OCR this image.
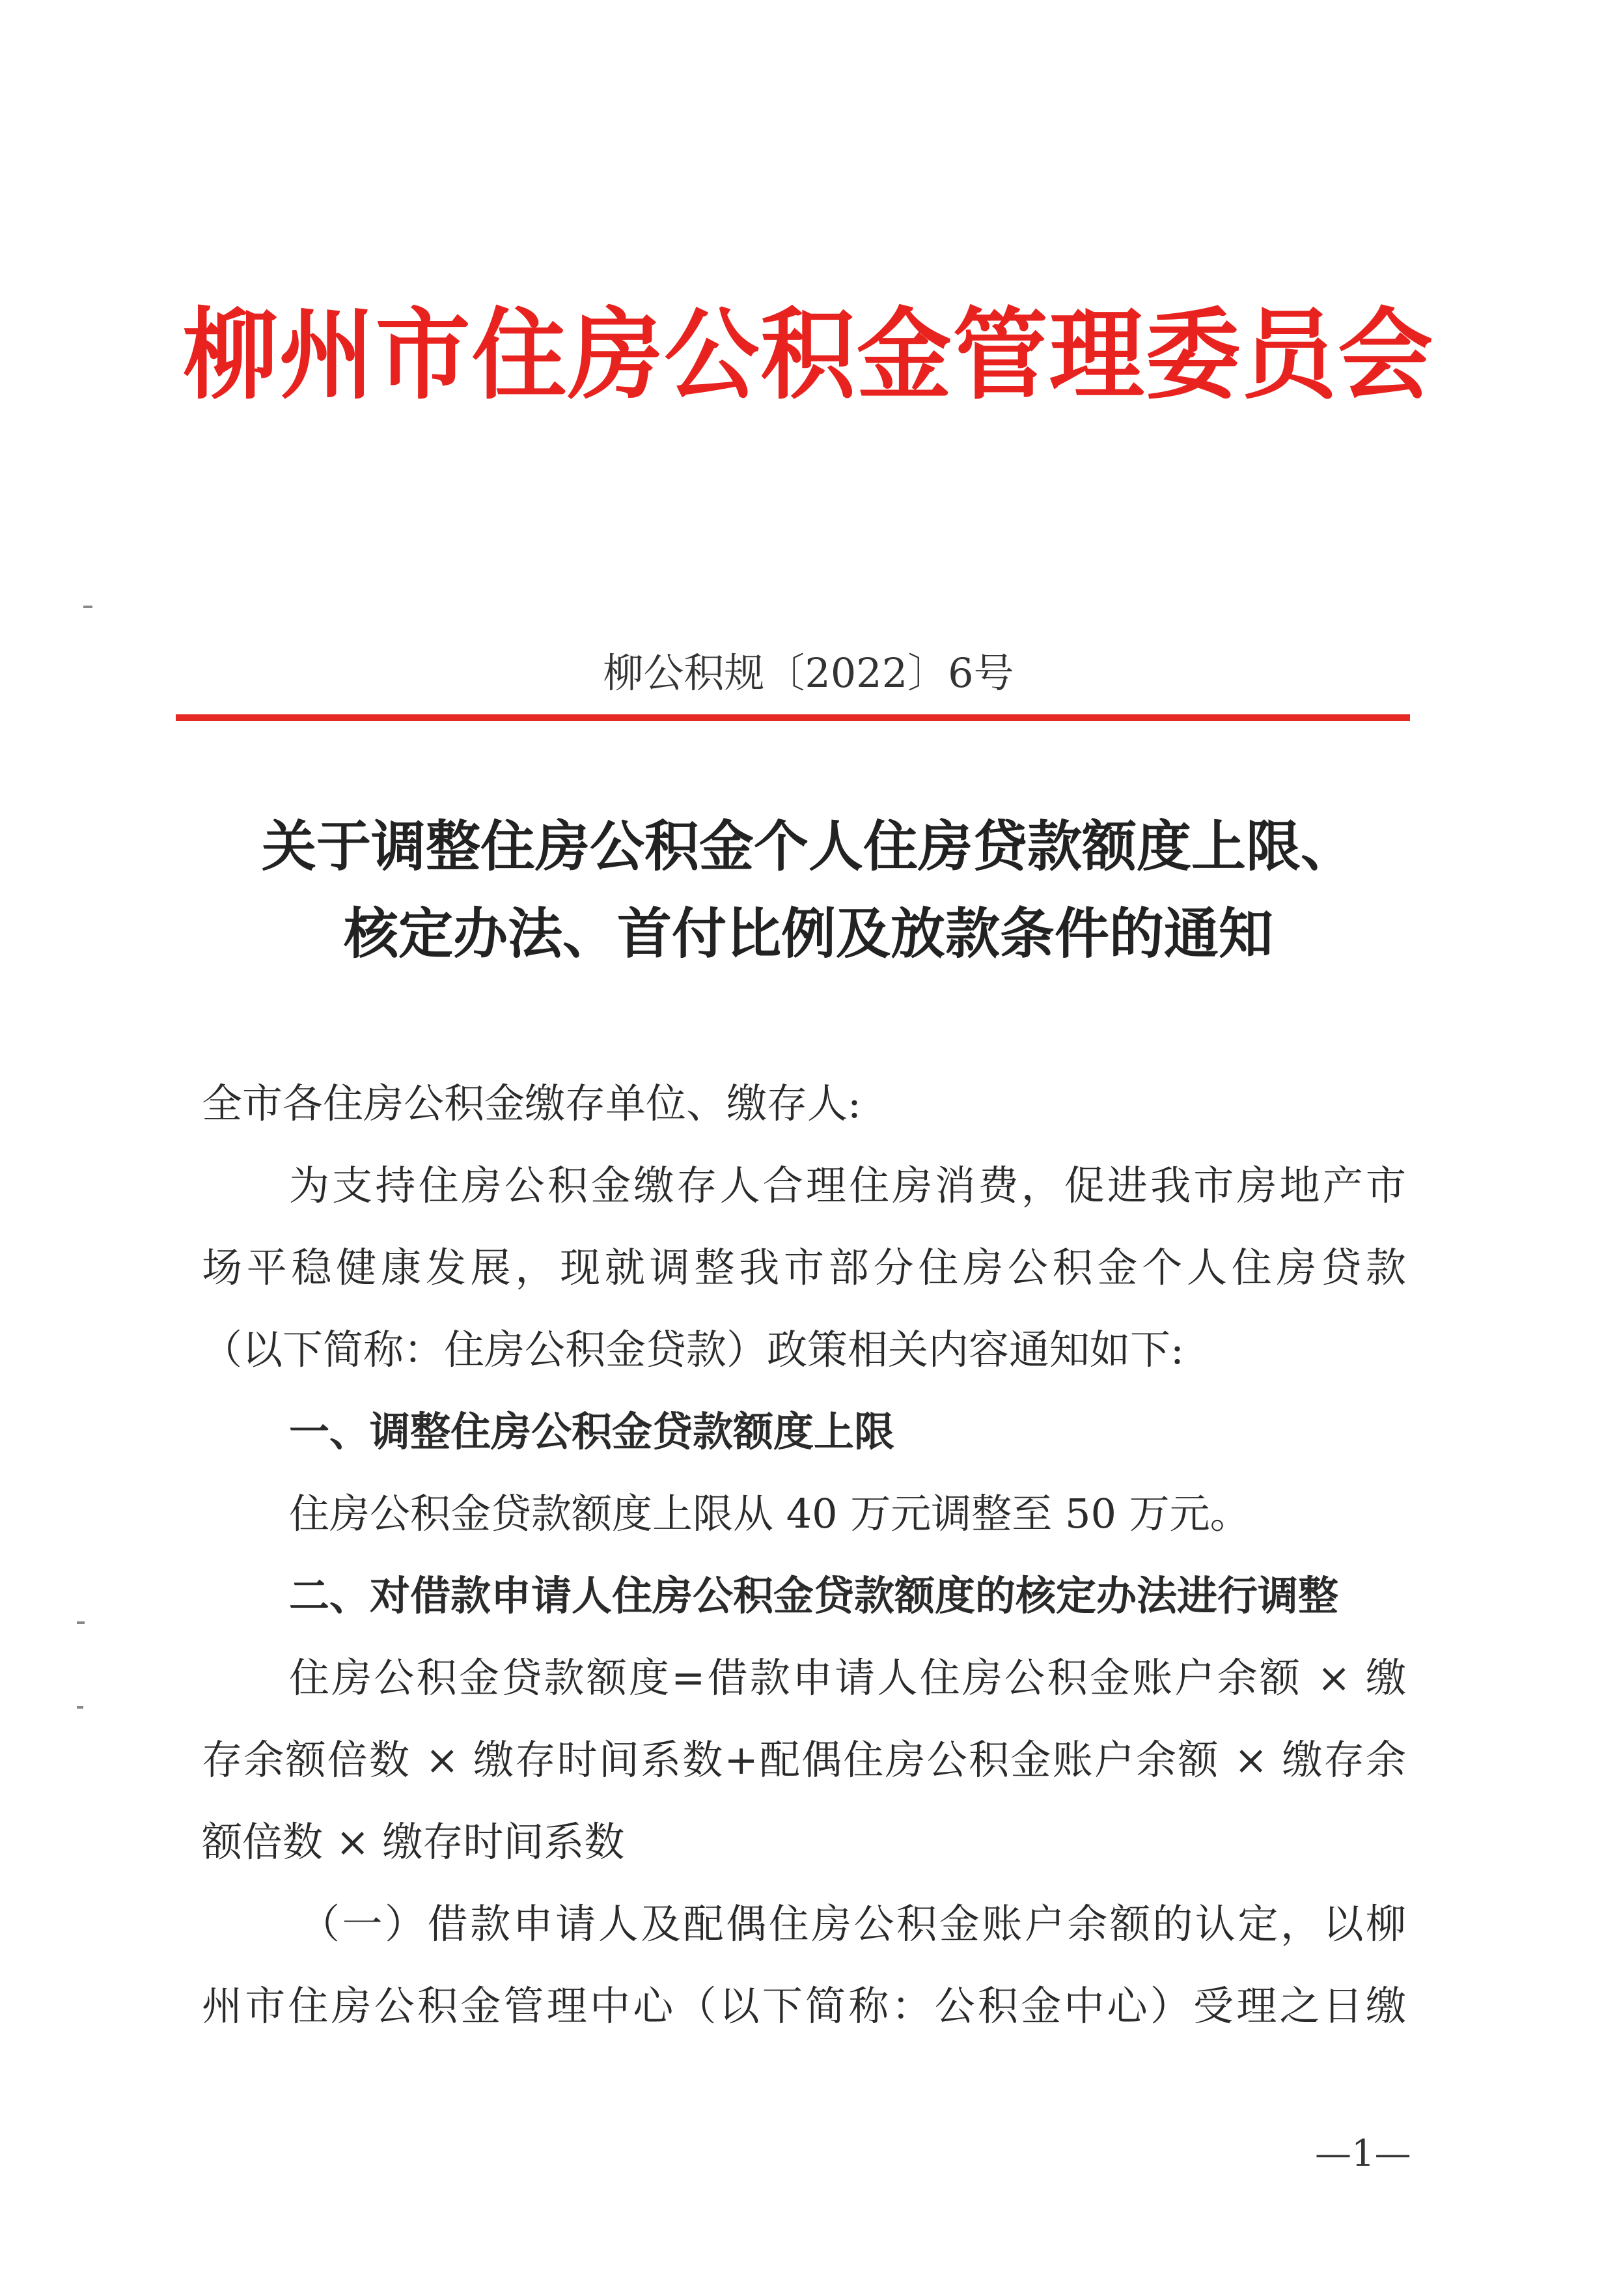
柳州市住房公积金管理委员会
柳公积规〔2022〕6号
关于调整住房公积金个人住房贷款额度上限、
核定办法、首付比例及放款条件的通知
全市各住房公积金缴存单位、缴存人:
为支持住房公积金缴存人合理住房消费，促进我市房地产市
场平稳健康发展，现就调整我市部分住房公积金个人住房贷款
（以下简称：住房公积金贷款）政策相关内容通知如下:
一、调整住房公积金贷款额度上限
住房公积金贷款额度上限从 40 万元调整至 50 万元。
二、对借款申请人住房公积金贷款额度的核定办法进行调整
住房公积金贷款额度=借款申请人住房公积金账户余额 × 缴
存余额倍数 × 缴存时间系数+配偶住房公积金账户余额 × 缴存余
额倍数 × 缴存时间系数
（一）借款申请人及配偶住房公积金账户余额的认定，以柳
州市住房公积金管理中心（以下简称：公积金中心）受理之日缴
—1—
